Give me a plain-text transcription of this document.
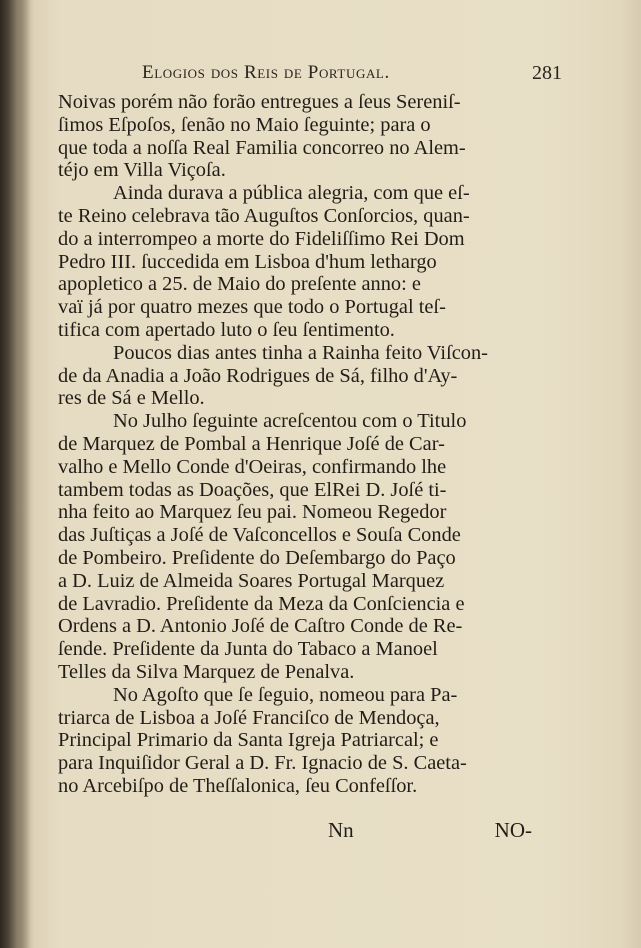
Elogios dos Reis de Portugal.	281
Noivas porém não forão entregues a ſeus Sereniſ-
ſimos Eſpoſos, ſenão no Maio ſeguinte; para o
que toda a noſſa Real Familia concorreo no Alem-
téjo em Villa Viçoſa.
Ainda durava a pública alegria, com que eſ-
te Reino celebrava tão Auguſtos Conſorcios, quan-
do a interrompeo a morte do Fideliſſimo Rei Dom
Pedro III. ſuccedida em Lisboa d'hum lethargo
apopletico a 25. de Maio do preſente anno: e
vaï já por quatro mezes que todo o Portugal teſ-
tifica com apertado luto o ſeu ſentimento.
Poucos dias antes tinha a Rainha feito Viſcon-
de da Anadia a João Rodrigues de Sá, filho d'Ay-
res de Sá e Mello.
No Julho ſeguinte acreſcentou com o Titulo
de Marquez de Pombal a Henrique Joſé de Car-
valho e Mello Conde d'Oeiras, confirmando lhe
tambem todas as Doações, que ElRei D. Joſé ti-
nha feito ao Marquez ſeu pai. Nomeou Regedor
das Juſtiças a Joſé de Vaſconcellos e Souſa Conde
de Pombeiro. Preſidente do Deſembargo do Paço
a D. Luiz de Almeida Soares Portugal Marquez
de Lavradio. Preſidente da Meza da Conſciencia e
Ordens a D. Antonio Joſé de Caſtro Conde de Re-
ſende. Preſidente da Junta do Tabaco a Manoel
Telles da Silva Marquez de Penalva.
No Agoſto que ſe ſeguio, nomeou para Pa-
triarca de Lisboa a Joſé Franciſco de Mendoça,
Principal Primario da Santa Igreja Patriarcal; e
para Inquiſidor Geral a D. Fr. Ignacio de S. Caeta-
no Arcebiſpo de Theſſalonica, ſeu Confeſſor.
Nn	NO-
